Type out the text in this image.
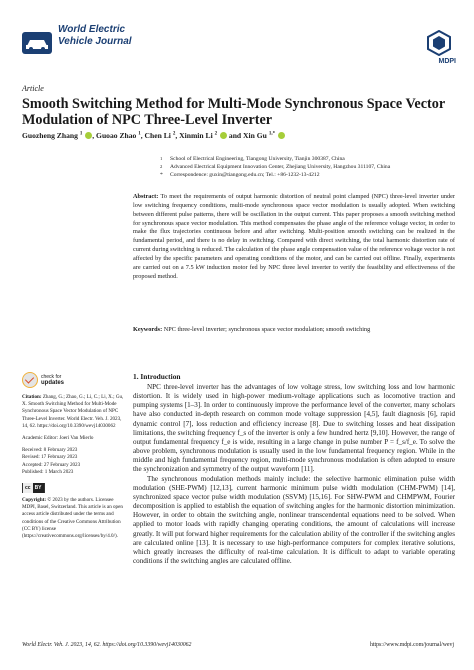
World Electric
Vehicle Journal
MDPI
Article
Smooth Switching Method for Multi-Mode Synchronous Space Vector Modulation of NPC Three-Level Inverter
Guozheng Zhang $^1$ , Guoao Zhao $^1$, Chen Li $^2$, Xinmin Li $^2$  and Xin Gu $^{1,*}$
1	School of Electrical Engineering, Tiangong University, Tianjin 300387, China
2	Advanced Electrical Equipment Innovation Center, Zhejiang University, Hangzhou 311107, China
*	Correspondence: guxin@tiangong.edu.cn; Tel.: +86-1232-13-4212
Abstract: To meet the requirements of output harmonic distortion of neutral point clamped (NPC) three-level inverter under low switching frequency conditions, multi-mode synchronous space vector modulation is usually adopted. When switching between different pulse patterns, there will be oscillation in the output current. This paper proposes a smooth switching method for synchronous space vector modulation. This method compensates the phase angle of the reference voltage vector, in order to make the flux trajectories continuous before and after switching. Multi-position smooth switching can be realized in the fundamental period, and there is no delay in switching. Compared with direct switching, the total harmonic distortion rate of current during switching is reduced. The calculation of the phase angle compensation value of the reference voltage vector is not affected by the specific parameters and operating conditions of the motor, and can be carried out offline. Finally, experiments are carried out on a 7.5 kW induction motor fed by NPC three level inverter to verify the feasibility and effectiveness of the proposed method.
Keywords: NPC three-level inverter; synchronous space vector modulation; smooth switching
check for
updates
Citation: Zhang, G.; Zhao, G.; Li, C.; Li, X.; Gu, X. Smooth Switching Method for Multi-Mode Synchronous Space Vector Modulation of NPC Three-Level Inverter. World Electr. Veh. J. 2023, 14, 62. https://doi.org/10.3390/wevj14030062
Academic Editor: Joeri Van Mierlo
Received: 8 February 2023
Revised: 17 February 2023
Accepted: 27 February 2023
Published: 1 March 2023
cc BY
Copyright: © 2023 by the authors. Licensee MDPI, Basel, Switzerland. This article is an open access article distributed under the terms and conditions of the Creative Commons Attribution (CC BY) license (https://creativecommons.org/licenses/by/4.0/).
1. Introduction

NPC three-level inverter has the advantages of low voltage stress, low switching loss and low harmonic distortion. It is widely used in high-power medium-voltage applications such as locomotive traction and pumping systems [1–3]. In order to continuously improve the performance level of the converter, many scholars have also conducted in-depth research on common mode voltage suppression [4,5], fault diagnosis [6], rapid dynamic control [7], loss reduction and efficiency increase [8]. Due to switching losses and heat dissipation limitations, the switching frequency f_s of the inverter is only a few hundred hertz [9,10]. However, the range of output fundamental frequency f_e is wide, resulting in a large change in pulse number P = f_s/f_e. To solve the above problem, synchronous modulation is usually used in the low fundamental frequency region. While in the middle and high fundamental frequency region, multi-mode synchronous modulation is often adopted to ensure the synchronization and symmetry of the output waveform [11].

The synchronous modulation methods mainly include: the selective harmonic elimination pulse width modulation (SHE-PWM) [12,13], current harmonic minimum pulse width modulation (CHM-PWM) [14], synchronized space vector pulse width modulation (SSVM) [15,16]. For SHW-PWM and CHMPWM, Fourier decomposition is applied to establish the equation of switching angles for the harmonic distortion minimization. However, in order to obtain the switching angle, nonlinear transcendental equations need to be solved. When applied to motor loads with rapidly changing operating conditions, the amount of calculations will increase greatly. It will put forward higher requirements for the calculation ability of the controller if the switching angles are calculated online [13]. It is necessary to use high-performance computers for complex iterative solutions, which greatly increases the difficulty of real-time calculation. It is difficult to adapt to variable operating conditions if the switching angles are calculated offline.

World Electr. Veh. J. 2023, 14, 62. https://doi.org/10.3390/wevj14030062	https://www.mdpi.com/journal/wevj
